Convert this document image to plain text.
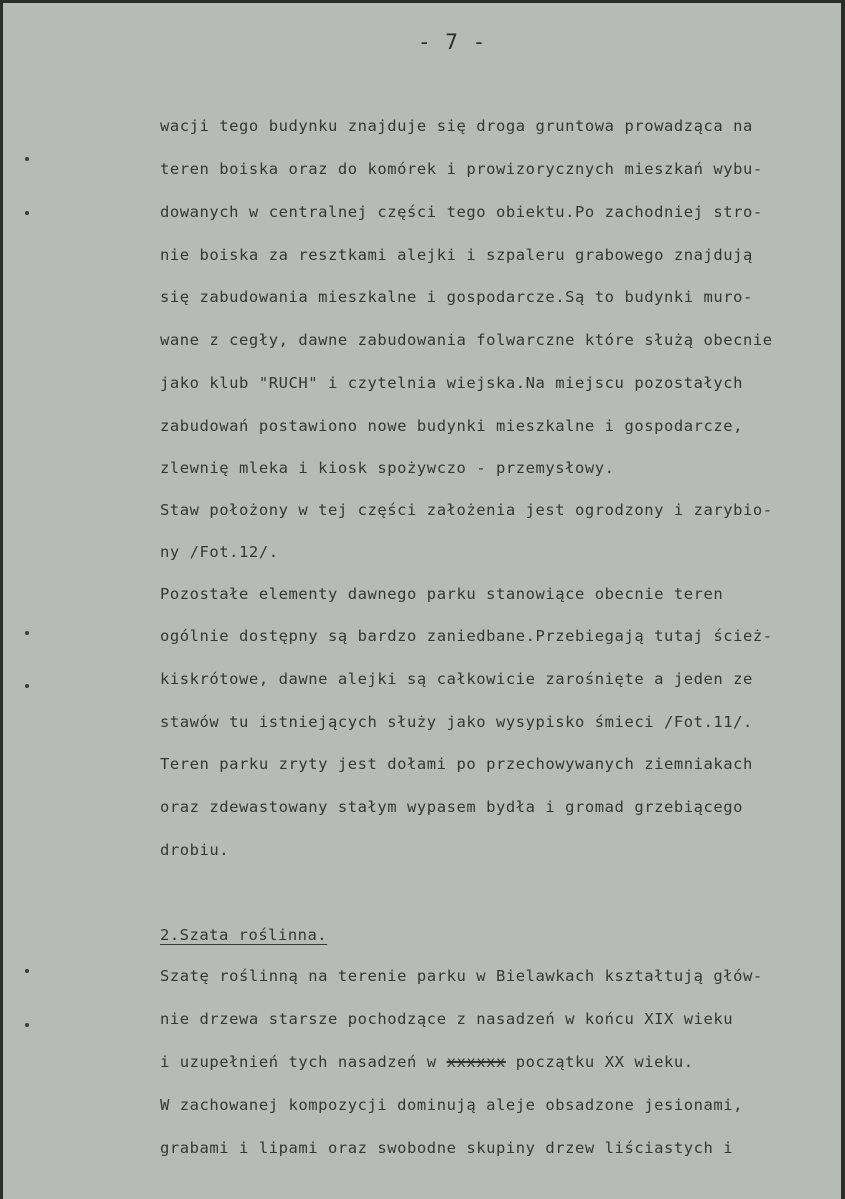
- 7 -
wacji tego budynku znajduje się droga gruntowa prowadząca na
teren boiska oraz do komórek i prowizorycznych mieszkań wybu-
dowanych w centralnej części tego obiektu.Po zachodniej stro-
nie boiska za resztkami alejki i szpaleru grabowego znajdują
się zabudowania mieszkalne i gospodarcze.Są to budynki muro-
wane z cegły, dawne zabudowania folwarczne które służą obecnie
jako klub "RUCH" i czytelnia wiejska.Na miejscu pozostałych
zabudowań postawiono nowe budynki mieszkalne i gospodarcze,
zlewnię mleka i kiosk spożywczo - przemysłowy.
Staw położony w tej części założenia jest ogrodzony i zarybio-
ny /Fot.12/.
Pozostałe elementy dawnego parku stanowiące obecnie teren
ogólnie dostępny są bardzo zaniedbane.Przebiegają tutaj ścież-
kiskrótowe, dawne alejki są całkowicie zarośnięte a jeden ze
stawów tu istniejących służy jako wysypisko śmieci /Fot.11/.
Teren parku zryty jest dołami po przechowywanych ziemniakach
oraz zdewastowany stałym wypasem bydła i gromad grzebiącego
drobiu.
Szatę roślinną na terenie parku w Bielawkach kształtują głów-
nie drzewa starsze pochodzące z nasadzeń w końcu XIX wieku
i uzupełnień tych nasadzeń w xxxxxx początku XX wieku.
W zachowanej kompozycji dominują aleje obsadzone jesionami,
grabami i lipami oraz swobodne skupiny drzew liściastych i
2.Szata roślinna.
